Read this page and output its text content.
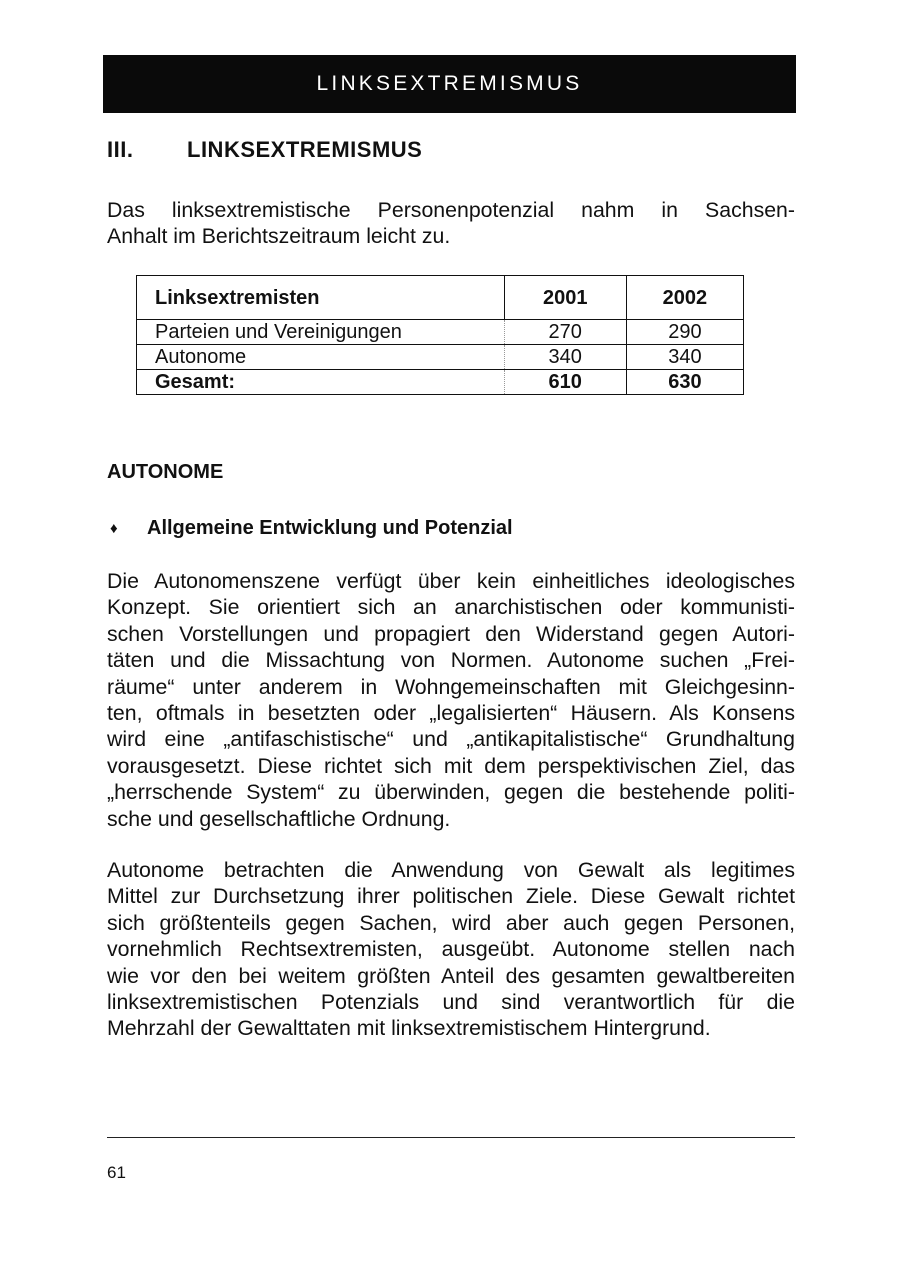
LINKSEXTREMISMUS
III.	LINKSEXTREMISMUS

Das linksextremistische Personenpotenzial nahm in Sachsen-
Anhalt im Berichtszeitraum leicht zu.

Linksextremisten	2001	2002
Parteien und Vereinigungen	270	290
Autonome	340	340
Gesamt:	610	630
AUTONOME
♦	Allgemeine Entwicklung und Potenzial

Die Autonomenszene verfügt über kein einheitliches ideologisches
Konzept. Sie orientiert sich an anarchistischen oder kommunisti-
schen Vorstellungen und propagiert den Widerstand gegen Autori-
täten und die Missachtung von Normen. Autonome suchen „Frei-
räume“ unter anderem in Wohngemeinschaften mit Gleichgesinn-
ten, oftmals in besetzten oder „legalisierten“ Häusern. Als Konsens
wird eine „antifaschistische“ und „antikapitalistische“ Grundhaltung
vorausgesetzt. Diese richtet sich mit dem perspektivischen Ziel, das
„herrschende System“ zu überwinden, gegen die bestehende politi-
sche und gesellschaftliche Ordnung.

Autonome betrachten die Anwendung von Gewalt als legitimes
Mittel zur Durchsetzung ihrer politischen Ziele. Diese Gewalt richtet
sich größtenteils gegen Sachen, wird aber auch gegen Personen,
vornehmlich Rechtsextremisten, ausgeübt. Autonome stellen nach
wie vor den bei weitem größten Anteil des gesamten gewaltbereiten
linksextremistischen Potenzials und sind verantwortlich für die
Mehrzahl der Gewalttaten mit linksextremistischem Hintergrund.

61
